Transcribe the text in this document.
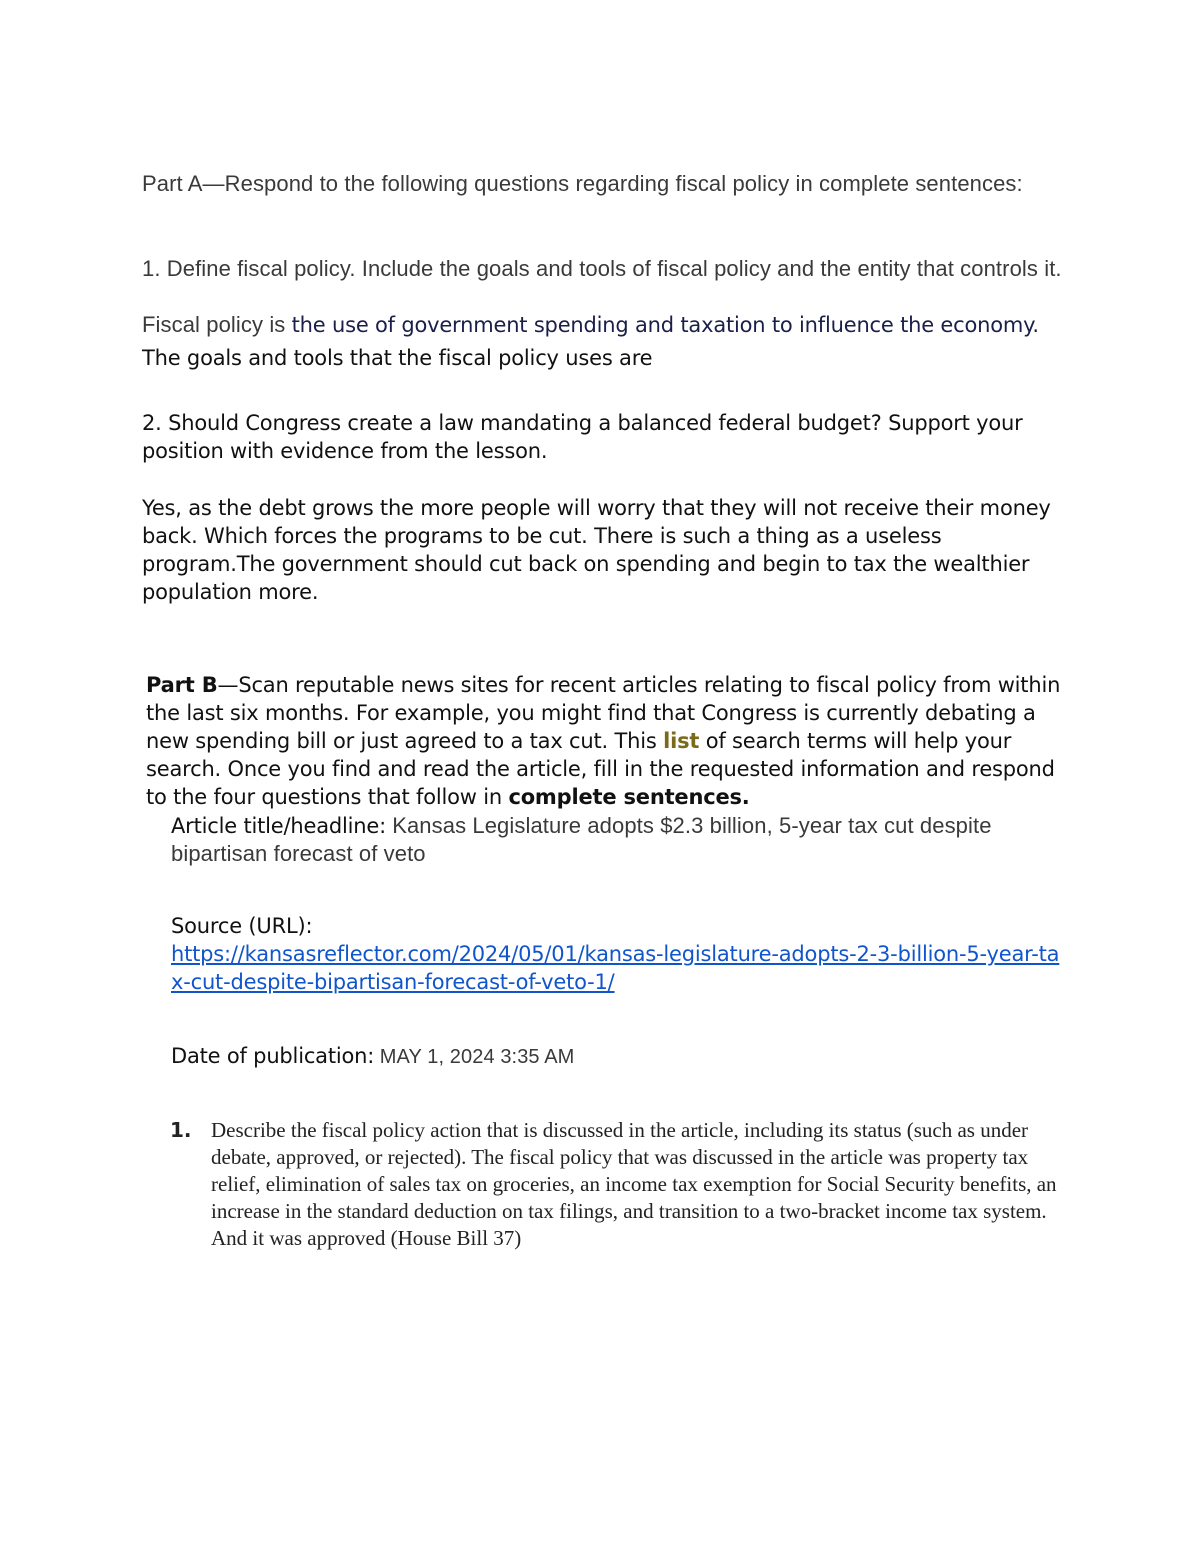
Part A—Respond to the following questions regarding fiscal policy in complete sentences:
1. Define fiscal policy. Include the goals and tools of fiscal policy and the entity that controls it.
Fiscal policy is the use of government spending and taxation to influence the economy.
The goals and tools that the fiscal policy uses are
2. Should Congress create a law mandating a balanced federal budget? Support your position with evidence from the lesson.
Yes, as the debt grows the more people will worry that they will not receive their money back. Which forces the programs to be cut. There is such a thing as a useless program.The government should cut back on spending and begin to tax the wealthier population more.
Part B—Scan reputable news sites for recent articles relating to fiscal policy from within the last six months. For example, you might find that Congress is currently debating a new spending bill or just agreed to a tax cut. This list of search terms will help your search. Once you find and read the article, fill in the requested information and respond to the four questions that follow in complete sentences.
Article title/headline: Kansas Legislature adopts $2.3 billion, 5-year tax cut despite bipartisan forecast of veto
Source (URL):
https://kansasreflector.com/2024/05/01/kansas-legislature-adopts-2-3-billion-5-year-tax-cut-despite-bipartisan-forecast-of-veto-1/
Date of publication: MAY 1, 2024 3:35 AM
1. Describe the fiscal policy action that is discussed in the article, including its status (such as under debate, approved, or rejected). The fiscal policy that was discussed in the article was property tax relief, elimination of sales tax on groceries, an income tax exemption for Social Security benefits, an increase in the standard deduction on tax filings, and transition to a two-bracket income tax system. And it was approved (House Bill 37)
